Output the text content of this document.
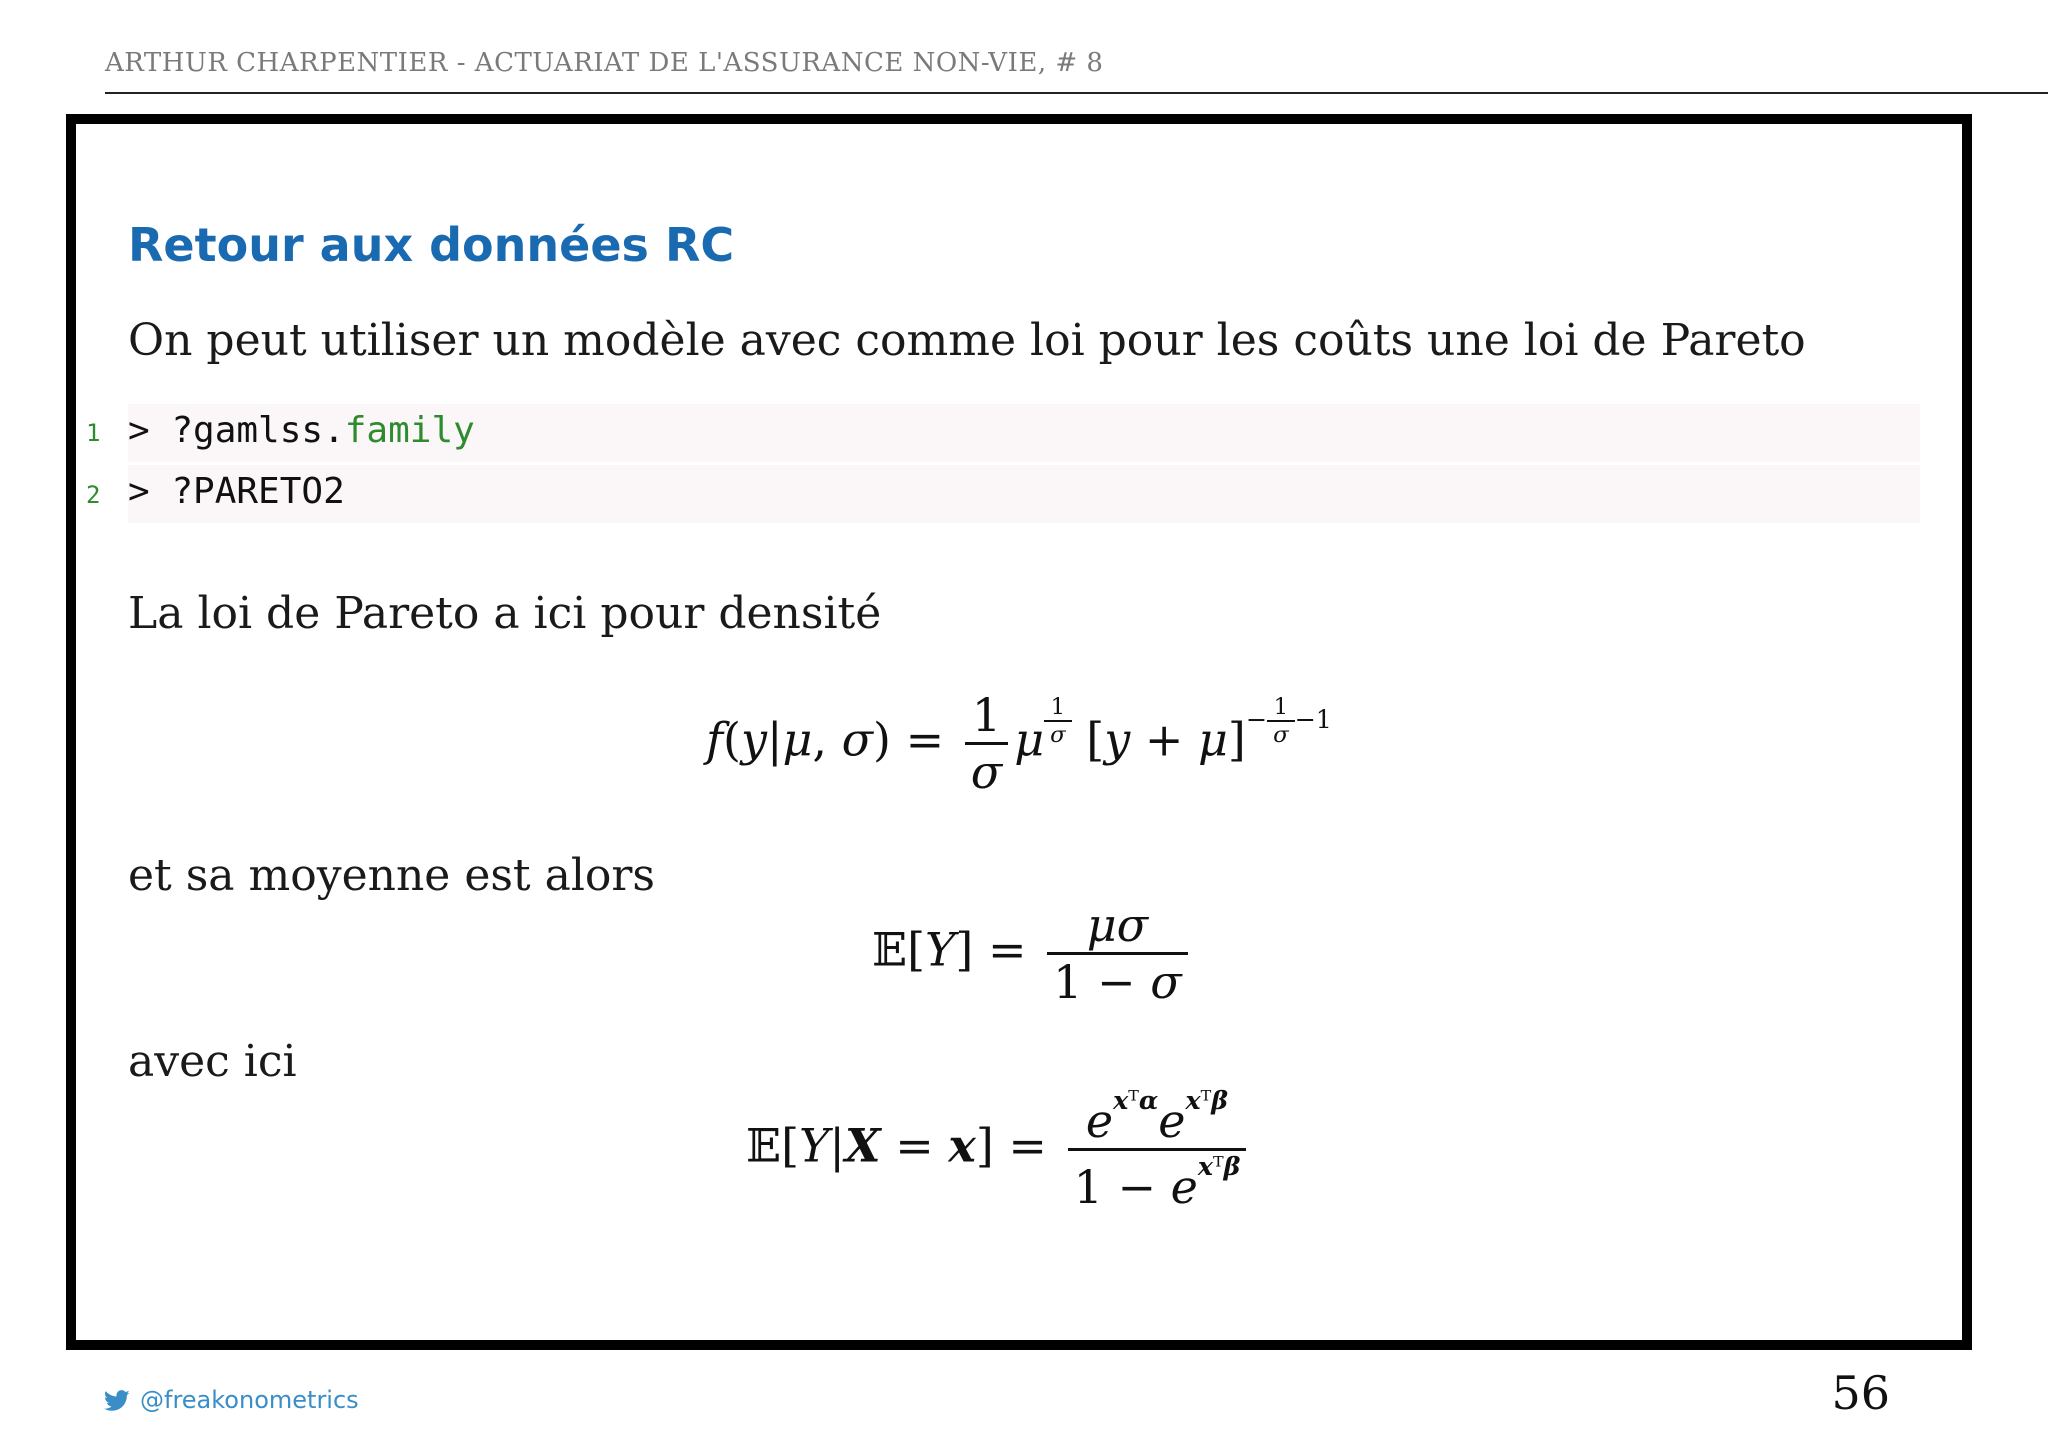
ARTHUR CHARPENTIER - ACTUARIAT DE L'ASSURANCE NON-VIE, # 8
Retour aux données RC
On peut utiliser un modèle avec comme loi pour les coûts une loi de Pareto
1 > ?gamlss.family
2 > ?PARETO2
La loi de Pareto a ici pour densité
f(y|μ, $\sigma) = \frac{1}{\sigma}$ μ $^{\frac{1}{\sigma}}$ $[y + \mu]^{- \frac{1}{\sigma} -1}$
et sa moyenne est alors
𝔼[Y] = $\frac{\mu\sigma}{1 - \sigma}$
avec ici
𝔼[Y|X = $x] = \frac{e^{xᵀ\alpha}e^{xᵀ\beta}}{1 - e^{xᵀ\beta}}$
@freakonometrics	56
